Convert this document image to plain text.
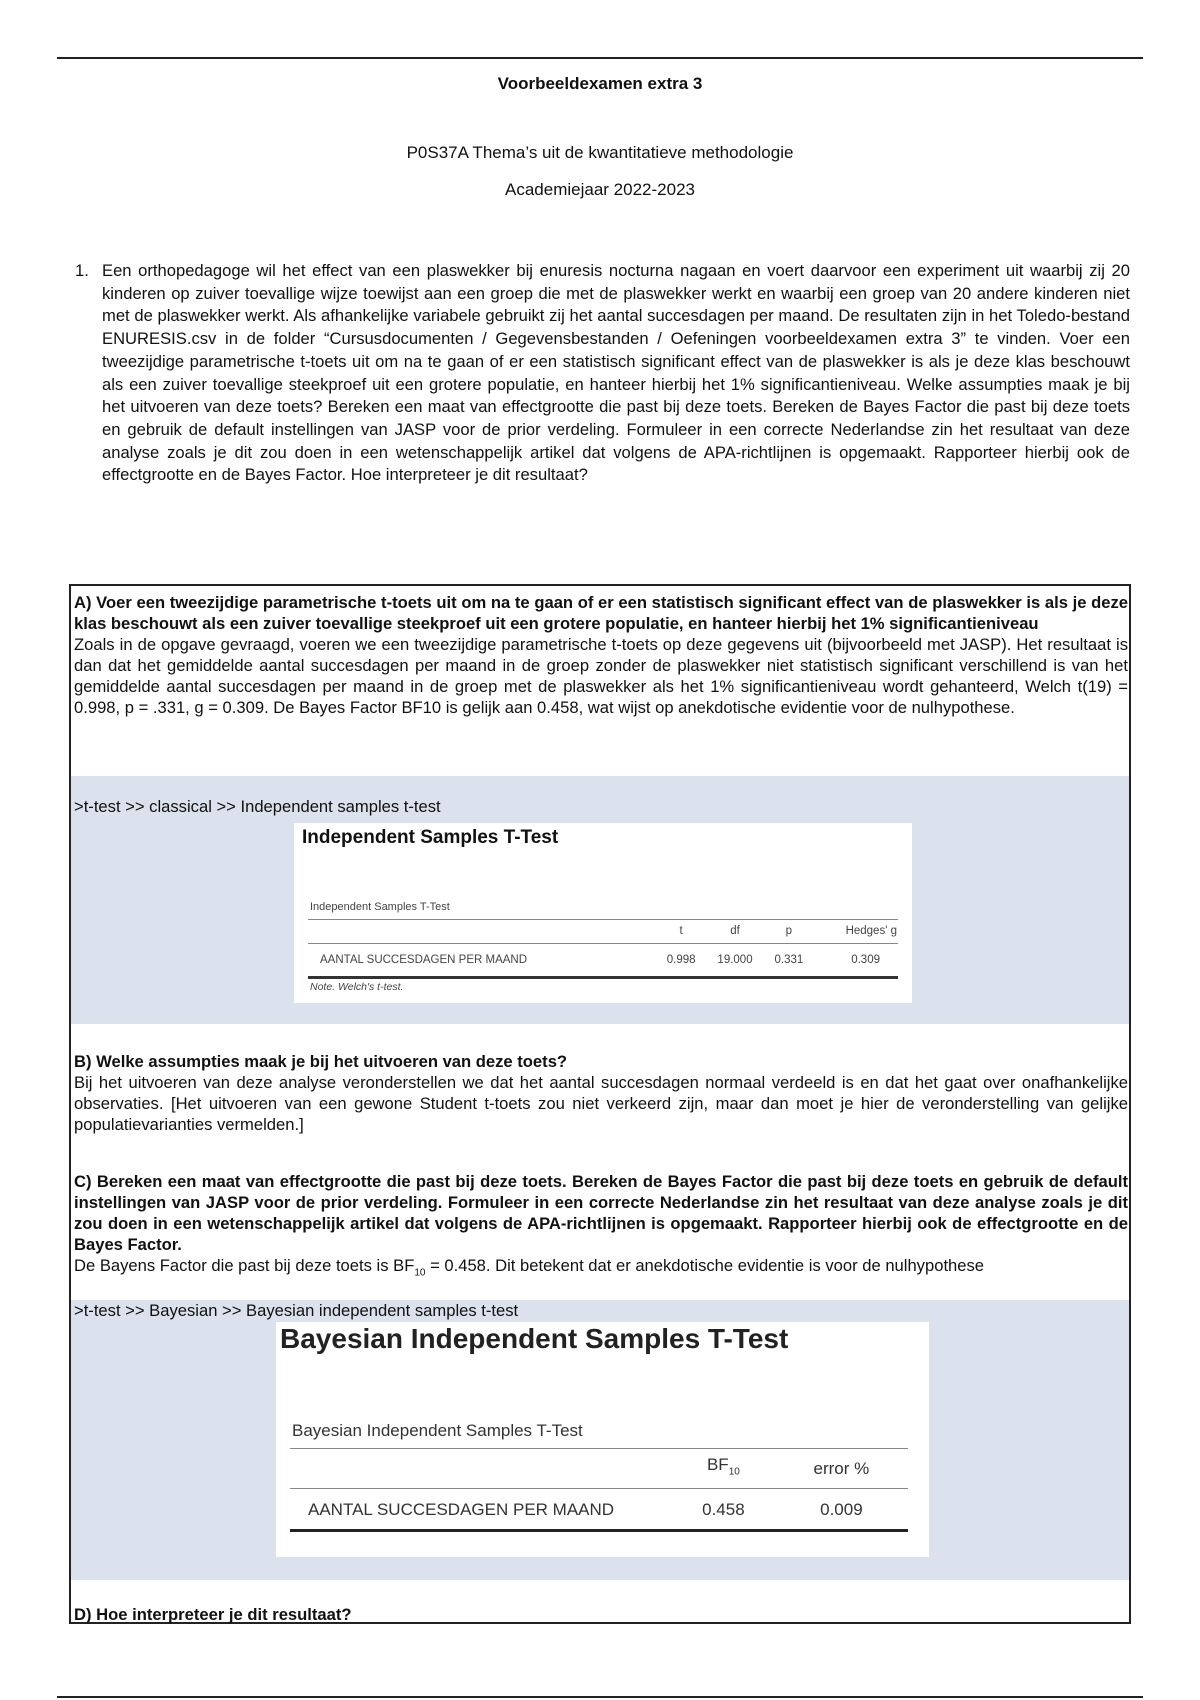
Voorbeeldexamen extra 3
P0S37A Thema’s uit de kwantitatieve methodologie
Academiejaar 2022-2023
1. Een orthopedagoge wil het effect van een plaswekker bij enuresis nocturna nagaan en voert daarvoor een experiment uit waarbij zij 20 kinderen op zuiver toevallige wijze toewijst aan een groep die met de plaswekker werkt en waarbij een groep van 20 andere kinderen niet met de plaswekker werkt. Als afhankelijke variabele gebruikt zij het aantal succesdagen per maand. De resultaten zijn in het Toledo-bestand ENURESIS.csv in de folder “Cursusdocumenten / Gegevensbestanden / Oefeningen voorbeeldexamen extra 3” te vinden. Voer een tweezijdige parametrische t-toets uit om na te gaan of er een statistisch significant effect van de plaswekker is als je deze klas beschouwt als een zuiver toevallige steekproef uit een grotere populatie, en hanteer hierbij het 1% significantieniveau. Welke assumpties maak je bij het uitvoeren van deze toets? Bereken een maat van effectgrootte die past bij deze toets. Bereken de Bayes Factor die past bij deze toets en gebruik de default instellingen van JASP voor de prior verdeling. Formuleer in een correcte Nederlandse zin het resultaat van deze analyse zoals je dit zou doen in een wetenschappelijk artikel dat volgens de APA-richtlijnen is opgemaakt. Rapporteer hierbij ook de effectgrootte en de Bayes Factor. Hoe interpreteer je dit resultaat?
A) Voer een tweezijdige parametrische t-toets uit om na te gaan of er een statistisch significant effect van de plaswekker is als je deze klas beschouwt als een zuiver toevallige steekproef uit een grotere populatie, en hanteer hierbij het 1% significantieniveau
Zoals in de opgave gevraagd, voeren we een tweezijdige parametrische t-toets op deze gegevens uit (bijvoorbeeld met JASP). Het resultaat is dan dat het gemiddelde aantal succesdagen per maand in de groep zonder de plaswekker niet statistisch significant verschillend is van het gemiddelde aantal succesdagen per maand in de groep met de plaswekker als het 1% significantieniveau wordt gehanteerd, Welch t(19) = 0.998, p = .331, g = 0.309. De Bayes Factor BF10 is gelijk aan 0.458, wat wijst op anekdotische evidentie voor de nulhypothese.
>t-test >> classical >> Independent samples t-test
Independent Samples T-Test
Independent Samples T-Test
	t	df	p	Hedges' g
AANTAL SUCCESDAGEN PER MAAND	0.998	19.000	0.331	0.309
Note. Welch's t-test.
B) Welke assumpties maak je bij het uitvoeren van deze toets?
Bij het uitvoeren van deze analyse veronderstellen we dat het aantal succesdagen normaal verdeeld is en dat het gaat over onafhankelijke observaties. [Het uitvoeren van een gewone Student t-toets zou niet verkeerd zijn, maar dan moet je hier de veronderstelling van gelijke populatievarianties vermelden.]
C) Bereken een maat van effectgrootte die past bij deze toets. Bereken de Bayes Factor die past bij deze toets en gebruik de default instellingen van JASP voor de prior verdeling. Formuleer in een correcte Nederlandse zin het resultaat van deze analyse zoals je dit zou doen in een wetenschappelijk artikel dat volgens de APA-richtlijnen is opgemaakt. Rapporteer hierbij ook de effectgrootte en de Bayes Factor.
De Bayens Factor die past bij deze toets is $BF_{10} = 0.458$. Dit betekent dat er anekdotische evidentie is voor de nulhypothese
>t-test >> Bayesian >> Bayesian independent samples t-test
Bayesian Independent Samples T-Test
Bayesian Independent Samples T-Test
	$BF_{10}$	error %
AANTAL SUCCESDAGEN PER MAAND	0.458	0.009
D) Hoe interpreteer je dit resultaat?
